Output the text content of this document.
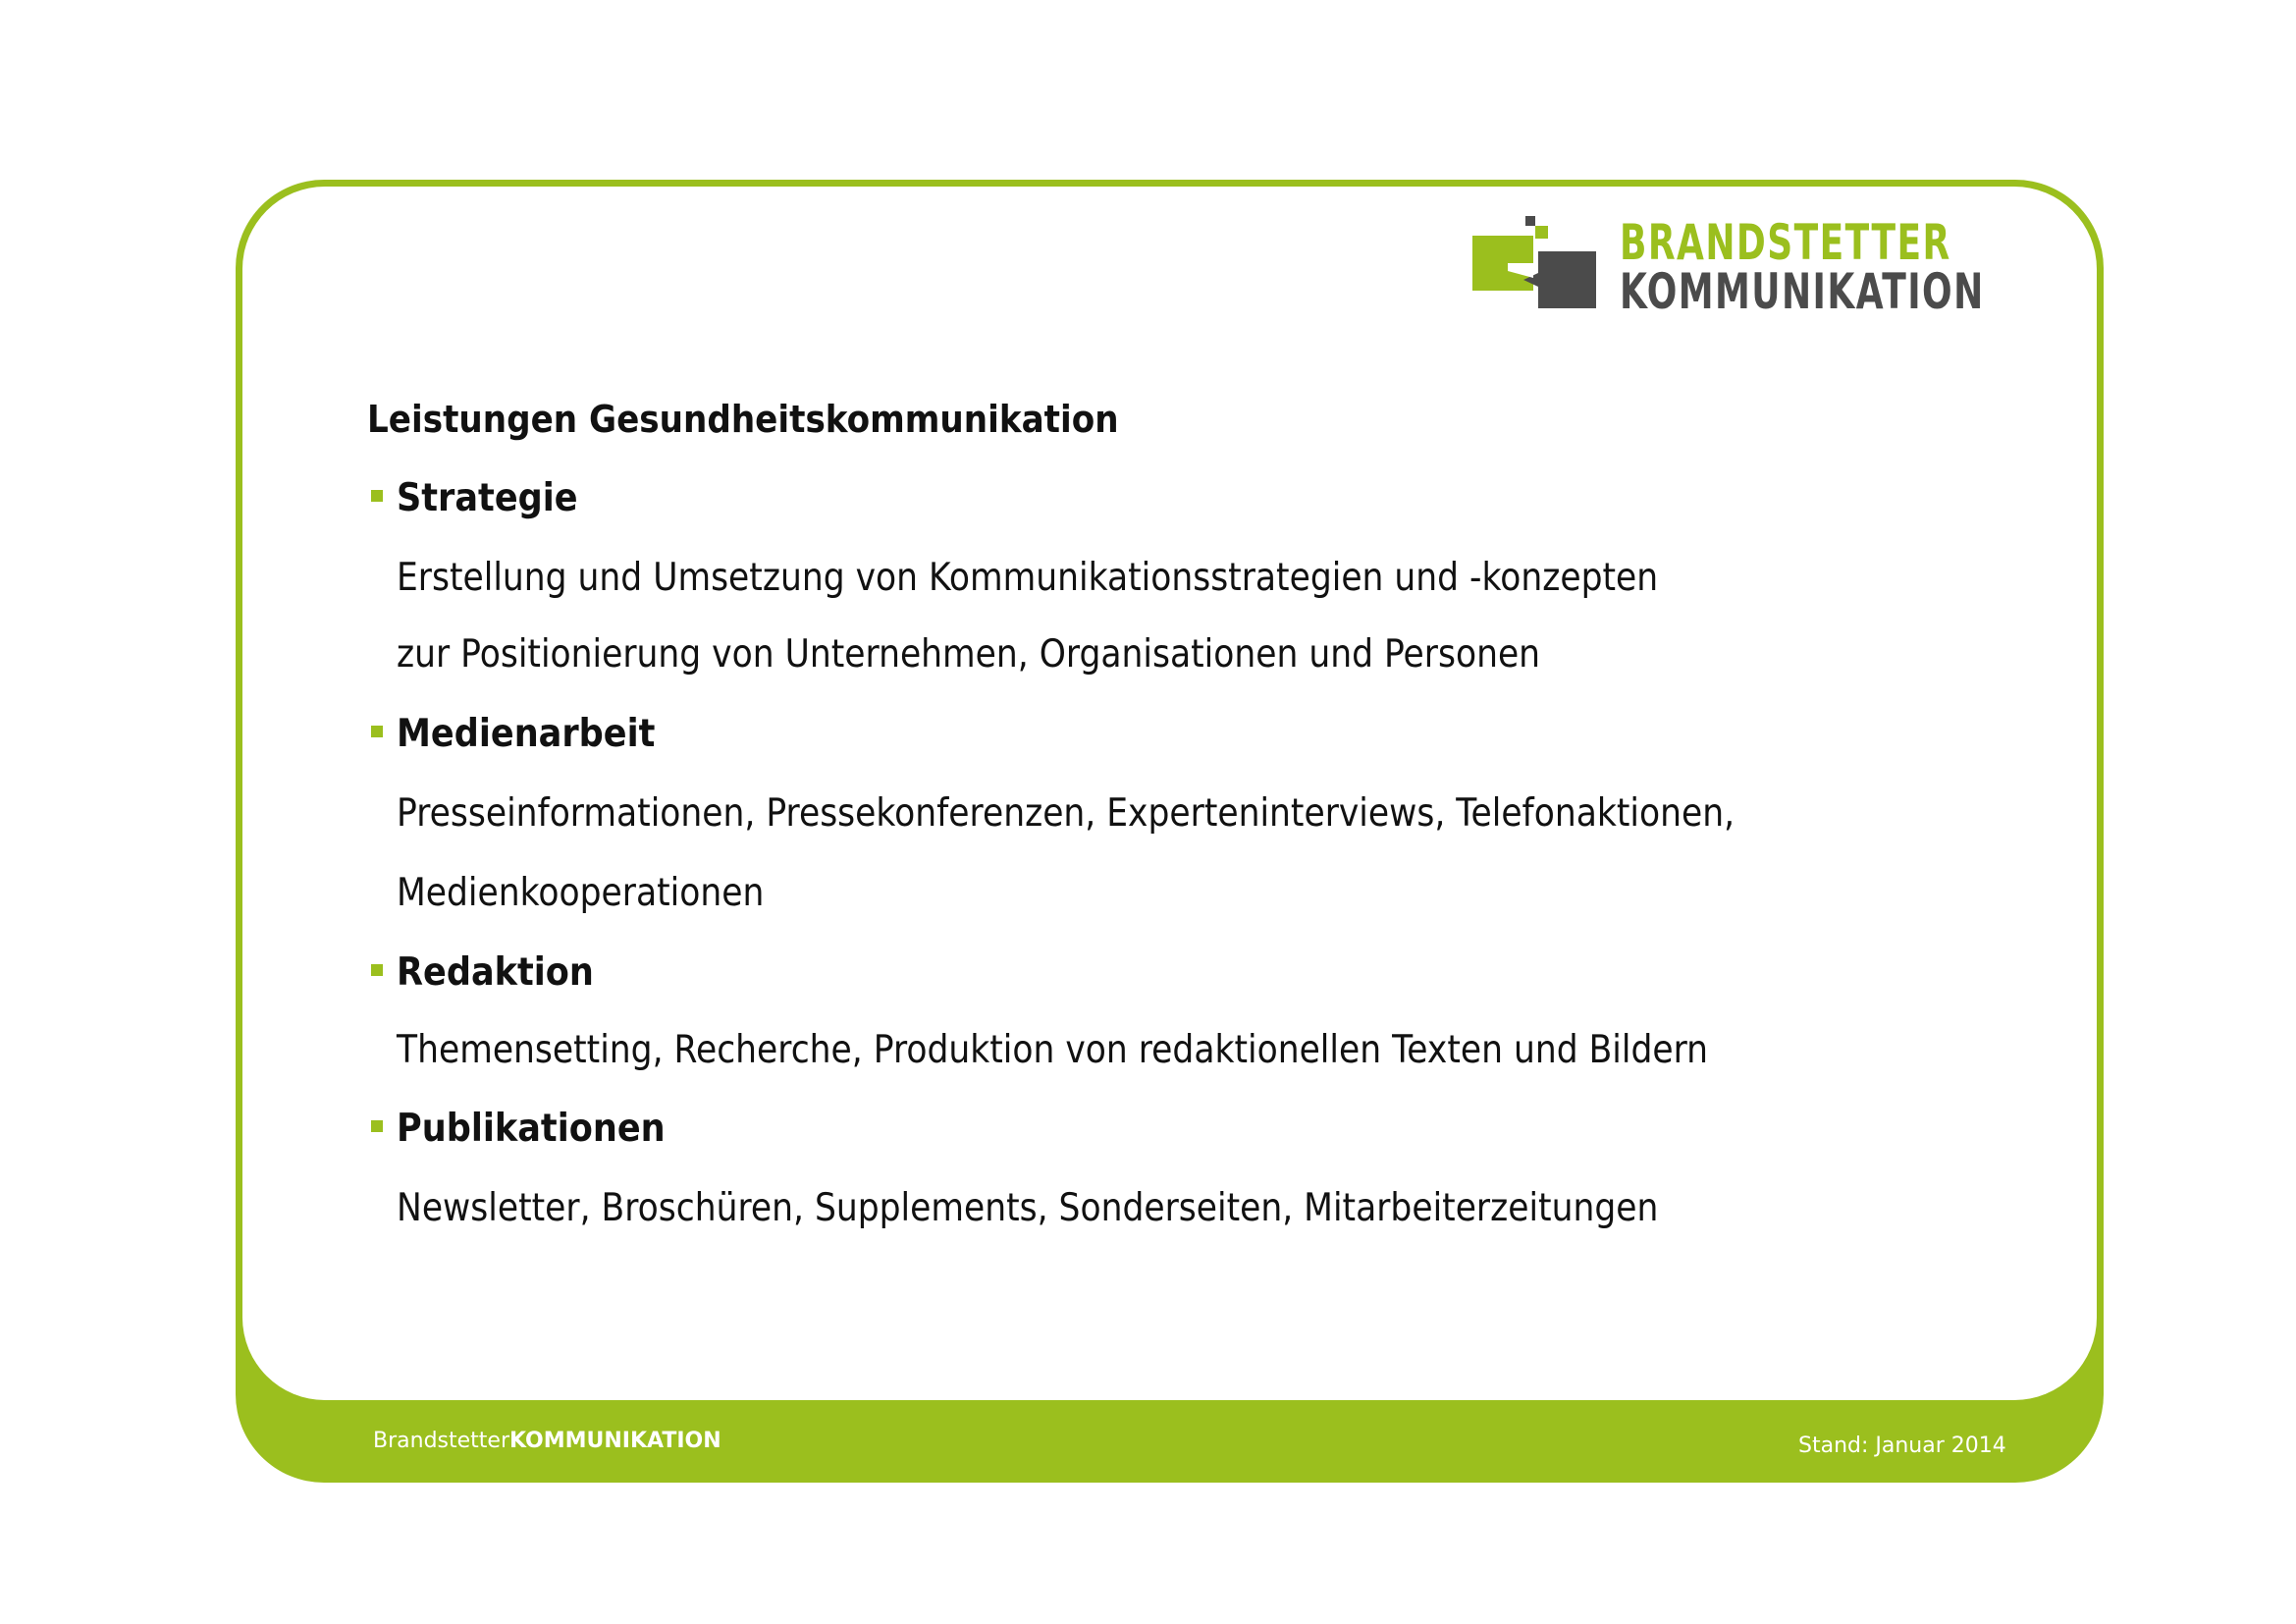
BRANDSTETTER
KOMMUNIKATION
Leistungen Gesundheitskommunikation
Strategie
Erstellung und Umsetzung von Kommunikationsstrategien und -konzepten
zur Positionierung von Unternehmen, Organisationen und Personen
Medienarbeit
Presseinformationen, Pressekonferenzen, Experteninterviews, Telefonaktionen,
Medienkooperationen
Redaktion
Themensetting, Recherche, Produktion von redaktionellen Texten und Bildern
Publikationen
Newsletter, Broschüren, Supplements, Sonderseiten, Mitarbeiterzeitungen
BrandstetterKOMMUNIKATION	Stand: Januar 2014
